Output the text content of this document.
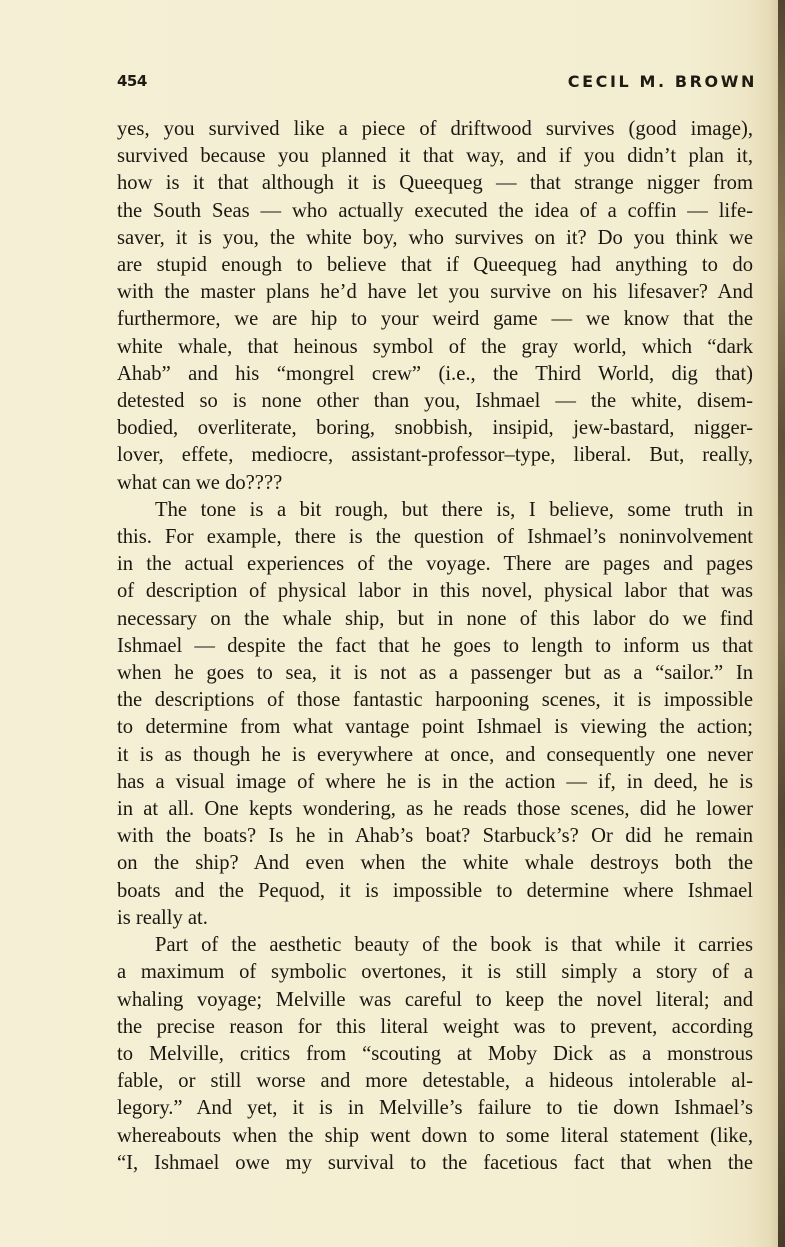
454	CECIL M. BROWN
yes, you survived like a piece of driftwood survives (good image),
survived because you planned it that way, and if you didn’t plan it,
how is it that although it is Queequeg — that strange nigger from
the South Seas — who actually executed the idea of a coffin — life-
saver, it is you, the white boy, who survives on it? Do you think we
are stupid enough to believe that if Queequeg had anything to do
with the master plans he’d have let you survive on his lifesaver? And
furthermore, we are hip to your weird game — we know that the
white whale, that heinous symbol of the gray world, which “dark
Ahab” and his “mongrel crew” (i.e., the Third World, dig that)
detested so is none other than you, Ishmael — the white, disem-
bodied, overliterate, boring, snobbish, insipid, jew-bastard, nigger-
lover, effete, mediocre, assistant-professor–type, liberal. But, really,
what can we do????
The tone is a bit rough, but there is, I believe, some truth in
this. For example, there is the question of Ishmael’s noninvolvement
in the actual experiences of the voyage. There are pages and pages
of description of physical labor in this novel, physical labor that was
necessary on the whale ship, but in none of this labor do we find
Ishmael — despite the fact that he goes to length to inform us that
when he goes to sea, it is not as a passenger but as a “sailor.” In
the descriptions of those fantastic harpooning scenes, it is impossible
to determine from what vantage point Ishmael is viewing the action;
it is as though he is everywhere at once, and consequently one never
has a visual image of where he is in the action — if, in deed, he is
in at all. One kepts wondering, as he reads those scenes, did he lower
with the boats? Is he in Ahab’s boat? Starbuck’s? Or did he remain
on the ship? And even when the white whale destroys both the
boats and the Pequod, it is impossible to determine where Ishmael
is really at.
Part of the aesthetic beauty of the book is that while it carries
a maximum of symbolic overtones, it is still simply a story of a
whaling voyage; Melville was careful to keep the novel literal; and
the precise reason for this literal weight was to prevent, according
to Melville, critics from “scouting at Moby Dick as a monstrous
fable, or still worse and more detestable, a hideous intolerable al-
legory.” And yet, it is in Melville’s failure to tie down Ishmael’s
whereabouts when the ship went down to some literal statement (like,
“I, Ishmael owe my survival to the facetious fact that when the
